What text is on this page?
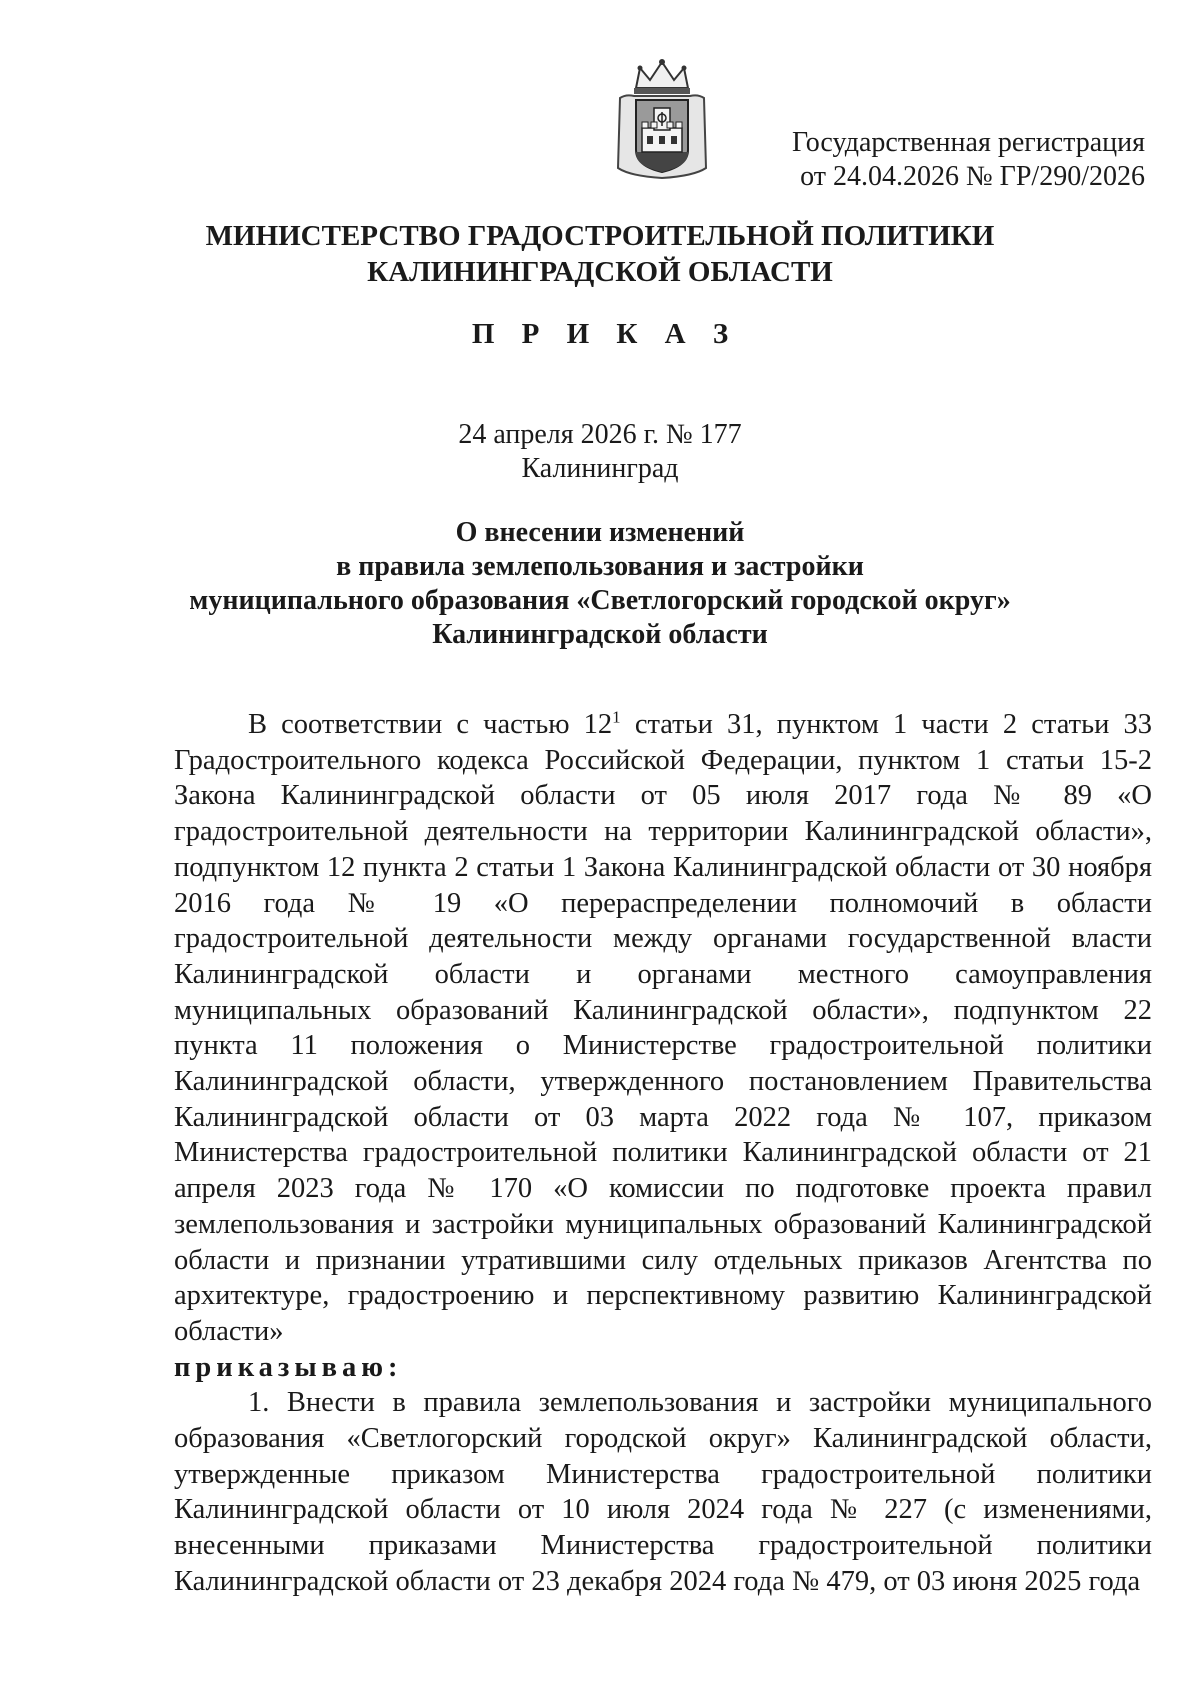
Государственная регистрация
от 24.04.2026 № ГР/290/2026
МИНИСТЕРСТВО ГРАДОСТРОИТЕЛЬНОЙ ПОЛИТИКИ
КАЛИНИНГРАДСКОЙ ОБЛАСТИ
П Р И К А З
24 апреля 2026 г. № 177
Калининград
О внесении изменений
в правила землепользования и застройки
муниципального образования «Светлогорский городской округ»
Калининградской области

В соответствии с частью $12^1$ статьи 31, пунктом 1 части 2 статьи 33 Градостроительного кодекса Российской Федерации, пунктом 1 статьи 15-2 Закона Калининградской области от 05 июля 2017 года № 89 «О градостроительной деятельности на территории Калининградской области», подпунктом 12 пункта 2 статьи 1 Закона Калининградской области от 30 ноября 2016 года № 19 «О перераспределении полномочий в области градостроительной деятельности между органами государственной власти Калининградской области и органами местного самоуправления муниципальных образований Калининградской области», подпунктом 22 пункта 11 положения о Министерстве градостроительной политики Калининградской области, утвержденного постановлением Правительства Калининградской области от 03 марта 2022 года № 107, приказом Министерства градостроительной политики Калининградской области от 21 апреля 2023 года № 170 «О комиссии по подготовке проекта правил землепользования и застройки муниципальных образований Калининградской области и признании утратившими силу отдельных приказов Агентства по архитектуре, градостроению и перспективному развитию Калининградской области»

приказываю:

1. Внести в правила землепользования и застройки муниципального образования «Светлогорский городской округ» Калининградской области, утвержденные приказом Министерства градостроительной политики Калининградской области от 10 июля 2024 года № 227 (с изменениями, внесенными приказами Министерства градостроительной политики Калининградской области от 23 декабря 2024 года № 479, от 03 июня 2025 года
